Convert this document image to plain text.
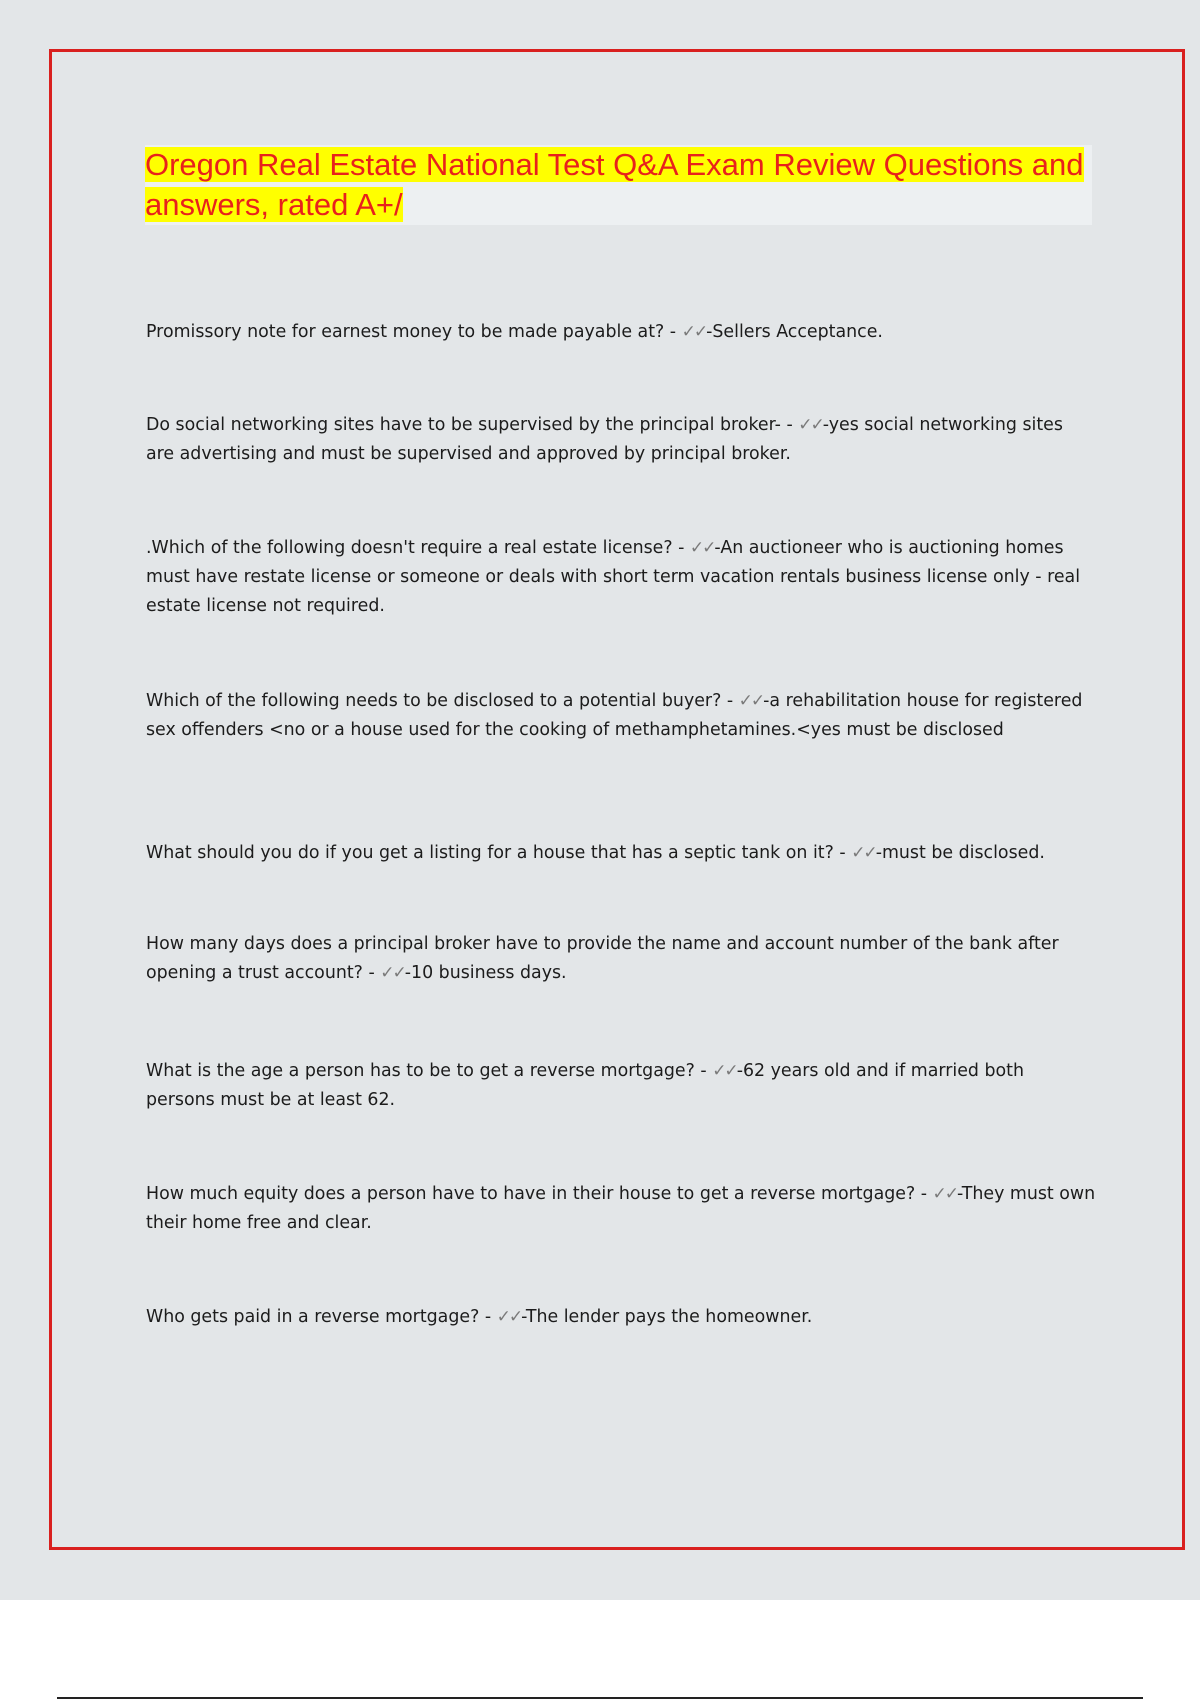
Oregon Real Estate National Test Q&A Exam Review Questions and answers, rated A+/
Promissory note for earnest money to be made payable at? - ✓✓-Sellers Acceptance.
Do social networking sites have to be supervised by the principal broker- - ✓✓-yes social networking sites are advertising and must be supervised and approved by principal broker.
.Which of the following doesn't require a real estate license? - ✓✓-An auctioneer who is auctioning homes must have restate license or someone or deals with short term vacation rentals business license only - real estate license not required.
Which of the following needs to be disclosed to a potential buyer? - ✓✓-a rehabilitation house for registered sex offenders <no or a house used for the cooking of methamphetamines.<yes must be disclosed
What should you do if you get a listing for a house that has a septic tank on it? - ✓✓-must be disclosed.
How many days does a principal broker have to provide the name and account number of the bank after opening a trust account? - ✓✓-10 business days.
What is the age a person has to be to get a reverse mortgage? - ✓✓-62 years old and if married both persons must be at least 62.
How much equity does a person have to have in their house to get a reverse mortgage? - ✓✓-They must own their home free and clear.
Who gets paid in a reverse mortgage? - ✓✓-The lender pays the homeowner.
